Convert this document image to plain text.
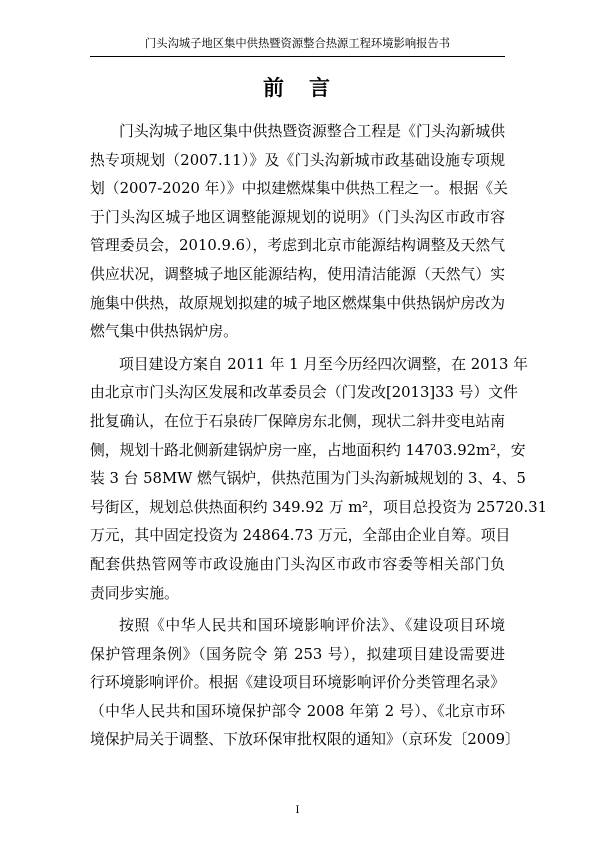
门头沟城子地区集中供热暨资源整合热源工程环境影响报告书
前　言
门头沟城子地区集中供热暨资源整合工程是《门头沟新城供
热专项规划（2007.11）》及《门头沟新城市政基础设施专项规
划（2007-2020 年）》中拟建燃煤集中供热工程之一。根据《关
于门头沟区城子地区调整能源规划的说明》（门头沟区市政市容
管理委员会，2010.9.6），考虑到北京市能源结构调整及天然气
供应状况，调整城子地区能源结构，使用清洁能源（天然气）实
施集中供热，故原规划拟建的城子地区燃煤集中供热锅炉房改为
燃气集中供热锅炉房。
项目建设方案自 2011 年 1 月至今历经四次调整，在 2013 年
由北京市门头沟区发展和改革委员会（门发改[2013]33 号）文件
批复确认，在位于石泉砖厂保障房东北侧，现状二斜井变电站南
侧，规划十路北侧新建锅炉房一座，占地面积约 14703.92m²，安
装 3 台 58MW 燃气锅炉，供热范围为门头沟新城规划的 3、4、5
号街区，规划总供热面积约 349.92 万 m²，项目总投资为 25720.31
万元，其中固定投资为 24864.73 万元，全部由企业自筹。项目
配套供热管网等市政设施由门头沟区市政市容委等相关部门负
责同步实施。
按照《中华人民共和国环境影响评价法》、《建设项目环境
保护管理条例》（国务院令 第 253 号），拟建项目建设需要进
行环境影响评价。根据《建设项目环境影响评价分类管理名录》
（中华人民共和国环境保护部令 2008 年第 2 号）、《北京市环
境保护局关于调整、下放环保审批权限的通知》（京环发〔2009〕
I
